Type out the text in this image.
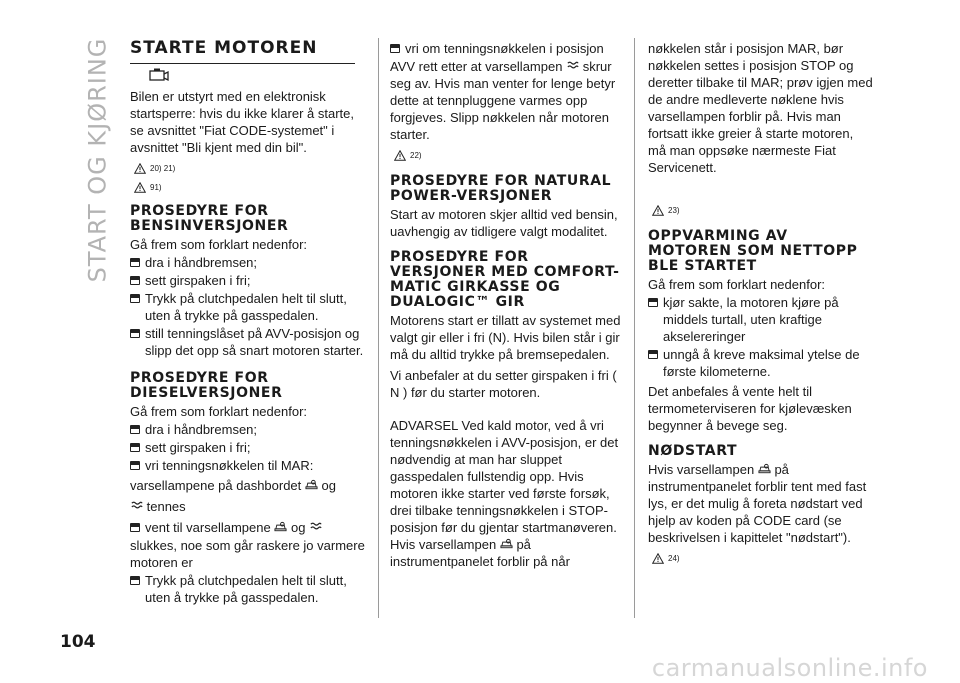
START OG KJØRING STARTE MOTOREN

Bilen er utstyrt med en elektronisk startsperre: hvis du ikke klarer å starte, se avsnittet "Fiat CODE-systemet" i avsnittet "Bli kjent med din bil".

20) 21)
91)
PROSEDYRE FOR BENSINVERSJONER

Gå frem som forklart nedenfor:

dra i håndbremsen;
sett girspaken i fri;
Trykk på clutchpedalen helt til slutt, uten å trykke på gasspedalen.
still tenningslåset på AVV-posisjon og slipp det opp så snart motoren starter.
PROSEDYRE FOR DIESELVERSJONER

Gå frem som forklart nedenfor:

dra i håndbremsen;
sett girspaken i fri;
vri tenningsnøkkelen til MAR:

varsellampene på dashbordet og

tennes

vent til varsellampene og

slukkes, noe som går raskere jo varmere motoren er

Trykk på clutchpedalen helt til slutt, uten å trykke på gasspedalen.
vri om tenningsnøkkelen i posisjon

AVV rett etter at varsellampen skrur seg av. Hvis man venter for lenge betyr dette at tennpluggene varmes opp forgjeves. Slipp nøkkelen når motoren starter.

22)
PROSEDYRE FOR NATURAL POWER-VERSJONER

Start av motoren skjer alltid ved bensin, uavhengig av tidligere valgt modalitet.

PROSEDYRE FOR VERSJONER MED COMFORT-MATIC GIRKASSE OG DUALOGIC™ GIR

Motorens start er tillatt av systemet med valgt gir eller i fri (N). Hvis bilen står i gir må du alltid trykke på bremsepedalen.

Vi anbefaler at du setter girspaken i fri ( N ) før du starter motoren.

ADVARSEL Ved kald motor, ved å vri tenningsnøkkelen i AVV-posisjon, er det nødvendig at man har sluppet gasspedalen fullstendig opp. Hvis motoren ikke starter ved første forsøk, drei tilbake tenningsnøkkelen i STOP-posisjon før du gjentar startmanøveren. Hvis varsellampen på instrumentpanelet forblir på når

nøkkelen står i posisjon MAR, bør nøkkelen settes i posisjon STOP og deretter tilbake til MAR; prøv igjen med de andre medleverte nøklene hvis varsellampen forblir på. Hvis man fortsatt ikke greier å starte motoren, må man oppsøke nærmeste Fiat Servicenett.

23)
OPPVARMING AV MOTOREN SOM NETTOPP BLE STARTET

Gå frem som forklart nedenfor:

kjør sakte, la motoren kjøre på middels turtall, uten kraftige akselereringer
unngå å kreve maksimal ytelse de første kilometerne.

Det anbefales å vente helt til termometerviseren for kjølevæsken begynner å bevege seg.

NØDSTART

Hvis varsellampen på instrumentpanelet forblir tent med fast lys, er det mulig å foreta nødstart ved hjelp av koden på CODE card (se beskrivelsen i kapittelet "nødstart").

24)
104
carmanualsonline.info
